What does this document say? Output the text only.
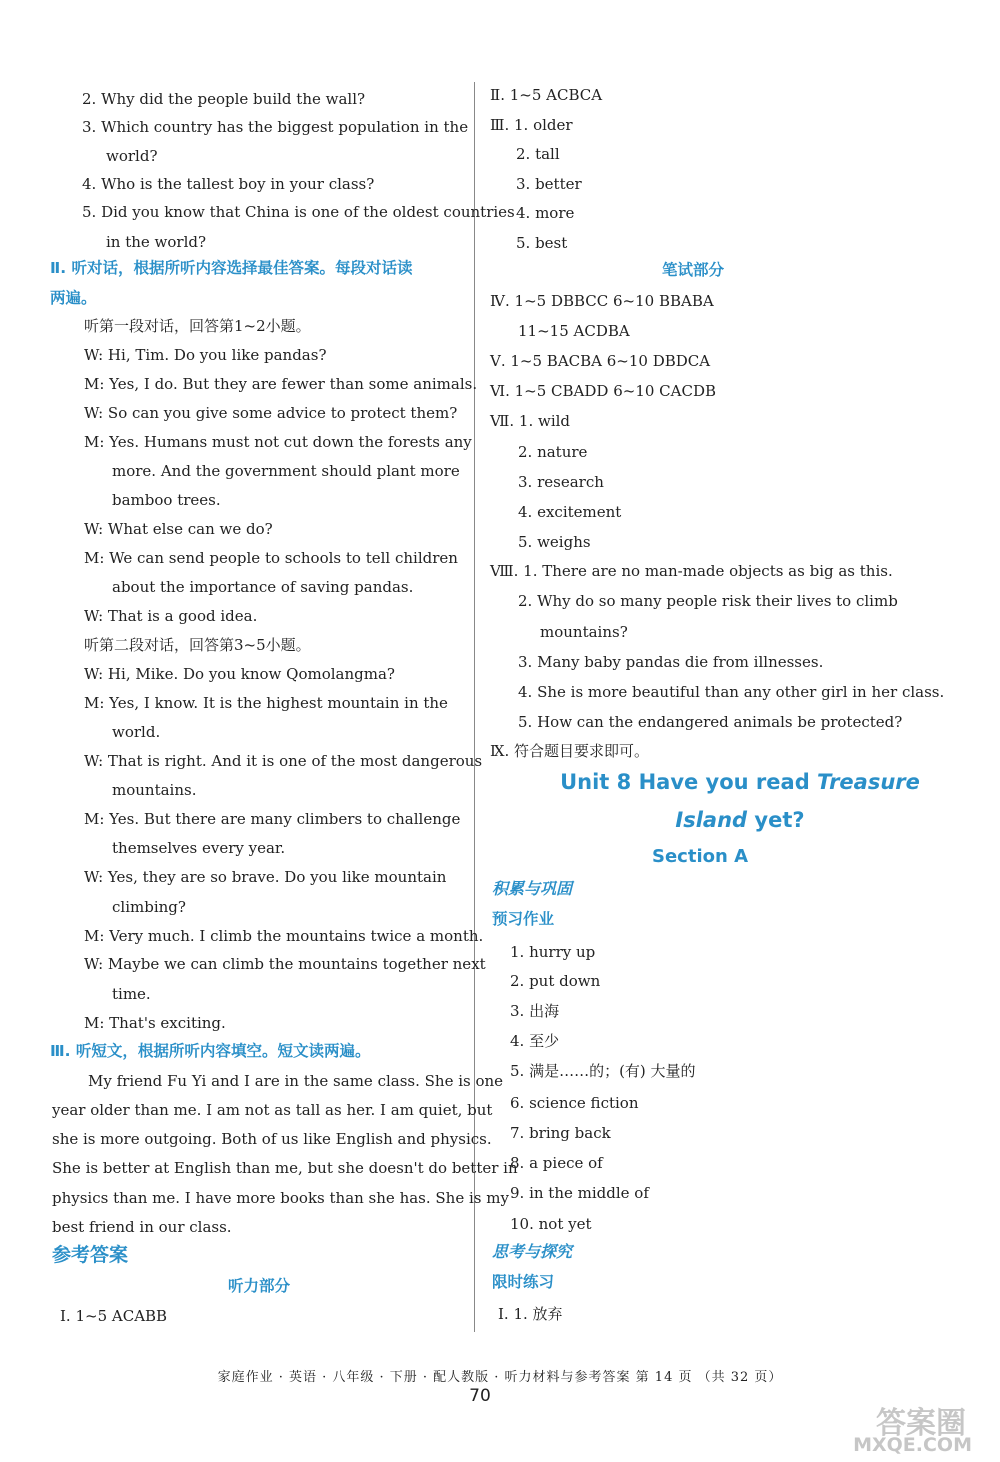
2. Why did the people build the wall?
3. Which country has the biggest population in the
world?
4. Who is the tallest boy in your class?
5. Did you know that China is one of the oldest countries
in the world?
Ⅱ. 听对话，根据所听内容选择最佳答案。每段对话读
两遍。
听第一段对话，回答第1~2小题。
W: Hi, Tim. Do you like pandas?
M: Yes, I do. But they are fewer than some animals.
W: So can you give some advice to protect them?
M: Yes. Humans must not cut down the forests any
more. And the government should plant more
bamboo trees.
W: What else can we do?
M: We can send people to schools to tell children
about the importance of saving pandas.
W: That is a good idea.
听第二段对话，回答第3~5小题。
W: Hi, Mike. Do you know Qomolangma?
M: Yes, I know. It is the highest mountain in the
world.
W: That is right. And it is one of the most dangerous
mountains.
M: Yes. But there are many climbers to challenge
themselves every year.
W: Yes, they are so brave. Do you like mountain
climbing?
M: Very much. I climb the mountains twice a month.
W: Maybe we can climb the mountains together next
time.
M: That's exciting.
Ⅲ. 听短文，根据所听内容填空。短文读两遍。
My friend Fu Yi and I are in the same class. She is one
year older than me. I am not as tall as her. I am quiet, but
she is more outgoing. Both of us like English and physics.
She is better at English than me, but she doesn't do better in
physics than me. I have more books than she has. She is my
best friend in our class.
参考答案
听力部分
Ⅰ. 1~5 ACABB
Ⅱ. 1~5 ACBCA
Ⅲ. 1. older
2. tall
3. better
4. more
5. best
笔试部分
Ⅳ. 1~5 DBBCC 6~10 BBABA
11~15 ACDBA
Ⅴ. 1~5 BACBA 6~10 DBDCA
Ⅵ. 1~5 CBADD 6~10 CACDB
Ⅶ. 1. wild
2. nature
3. research
4. excitement
5. weighs
Ⅷ. 1. There are no man-made objects as big as this.
2. Why do so many people risk their lives to climb
mountains?
3. Many baby pandas die from illnesses.
4. She is more beautiful than any other girl in her class.
5. How can the endangered animals be protected?
Ⅸ. 符合题目要求即可。
预习作业
1. hurry up
2. put down
3. 出海
4. 至少
5. 满是……的；(有) 大量的
6. science fiction
7. bring back
8. a piece of
9. in the middle of
10. not yet
限时练习
Ⅰ. 1. 放弃
Unit 8 Have you read Treasure
Island yet?
Section A
积累与巩固
思考与探究
家庭作业 · 英语 · 八年级 · 下册 · 配人教版 · 听力材料与参考答案 第 14 页 （共 32 页）
70
答案圈
MXQE.COM
